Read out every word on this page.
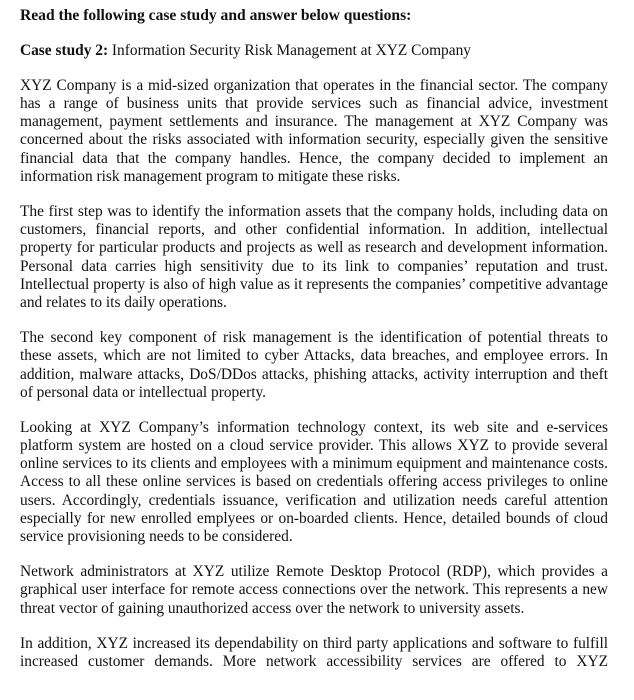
Read the following case study and answer below questions:

Case study 2: Information Security Risk Management at XYZ Company

XYZ Company is a mid-sized organization that operates in the financial sector. The company has a range of business units that provide services such as financial advice, investment management, payment settlements and insurance. The management at XYZ Company was concerned about the risks associated with information security, especially given the sensitive financial data that the company handles. Hence, the company decided to implement an information risk management program to mitigate these risks.

The first step was to identify the information assets that the company holds, including data on customers, financial reports, and other confidential information. In addition, intellectual property for particular products and projects as well as research and development information. Personal data carries high sensitivity due to its link to companies’ reputation and trust. Intellectual property is also of high value as it represents the companies’ competitive advantage and relates to its daily operations.

The second key component of risk management is the identification of potential threats to these assets, which are not limited to cyber Attacks, data breaches, and employee errors. In addition, malware attacks, DoS/DDos attacks, phishing attacks, activity interruption and theft of personal data or intellectual property.

Looking at XYZ Company’s information technology context, its web site and e-services platform system are hosted on a cloud service provider. This allows XYZ to provide several online services to its clients and employees with a minimum equipment and maintenance costs. Access to all these online services is based on credentials offering access privileges to online users. Accordingly, credentials issuance, verification and utilization needs careful attention especially for new enrolled emplyees or on-boarded clients. Hence, detailed bounds of cloud service provisioning needs to be considered.

Network administrators at XYZ utilize Remote Desktop Protocol (RDP), which provides a graphical user interface for remote access connections over the network. This represents a new threat vector of gaining unauthorized access over the network to university assets.

In addition, XYZ increased its dependability on third party applications and software to fulfill increased customer demands. More network accessibility services are offered to XYZ
